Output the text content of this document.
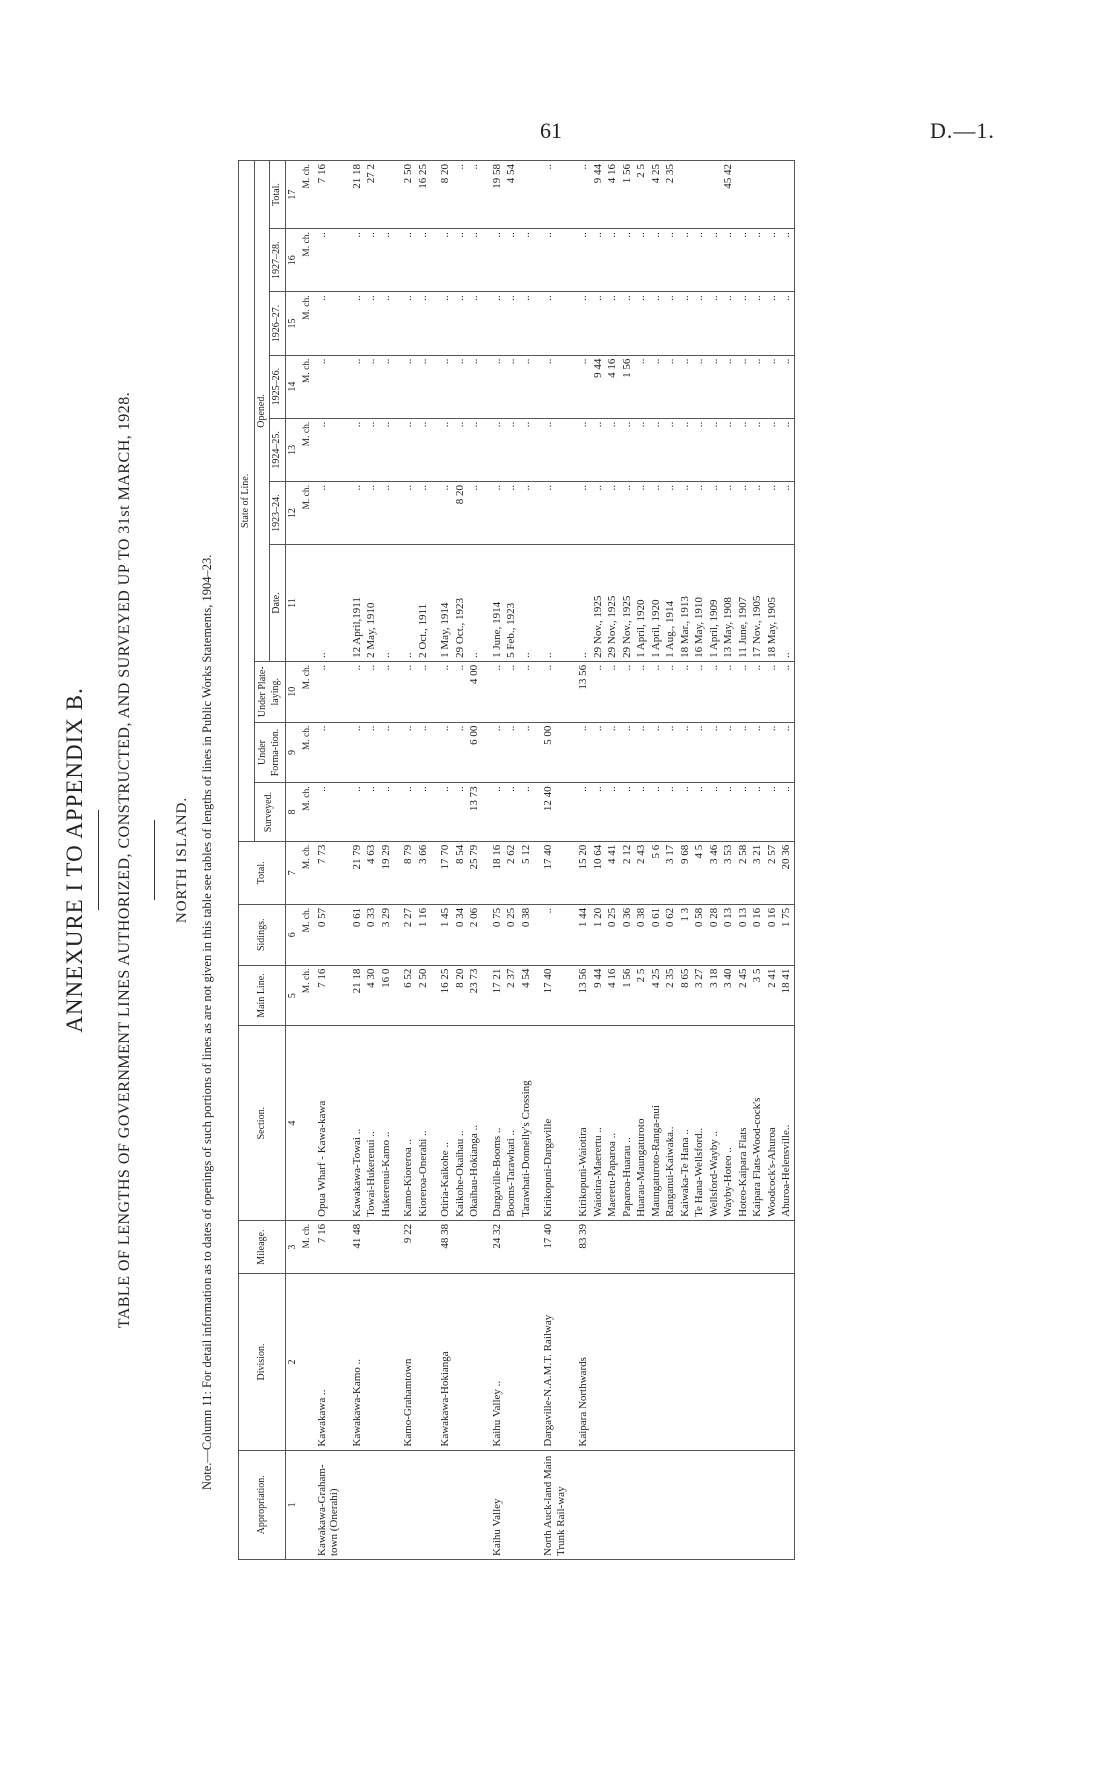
61	D.—1.
ANNEXURE I TO APPENDIX B. TABLE OF LENGTHS OF GOVERNMENT LINES AUTHORIZED, CONSTRUCTED, AND SURVEYED UP TO 31st MARCH, 1928.	NORTH ISLAND. Note.—Column 11: For detail information as to dates of openings of such portions of lines as are not given in this table see tables of lengths of lines in Public Works Statements, 1904–23.
Appropriation.	Division.	Mileage.	Section.	Main Line.	Sidings.	Total.	State of Line.									
							Surveyed.	Under Forma-tion.	Under Plate-laying.	Opened.						
										Date.	1923–24.	1924–25.	1925–26.	1926–27.	1927–28.	Total.
1	2	3	4	5	6	7	8	9	10	11	12	13	14	15	16	17
		M. ch.		M. ch.	M. ch.	M. ch.	M. ch.	M. ch.	M. ch.		M. ch.	M. ch.	M. ch.	M. ch.	M. ch.	M. ch.
Kawakawa-Graham-town (Onerahi)	Kawakawa ..	7 16	Opua Wharf - Kawa-kawa	7 16	0 57	7 73	..	..	..	..	..	..	..	..	..	7 16
	Kawakawa-Kamo ..	41 48	Kawakawa-Towai ..	21 18	0 61	21 79	..	..	..	12 April,1911	..	..	..	..	..	21 18
			Towai-Hukerenui ..	4 30	0 33	4 63	..	..	..	2 May, 1910	..	..	..	..	..	27 2
			Hukerenui-Kamo ..	16 0	3 29	19 29	..	..	..	..	..	..	..	..	..	
	Kamo-Grahamtown	9 22	Kamo-Kioreroa ..	6 52	2 27	8 79	..	..	..	..	..	..	..	..	..	2 50
			Kioreroa-Onerahi ..	2 50	1 16	3 66	..	..	..	2 Oct., 1911	..	..	..	..	..	16 25
	Kawakawa-Hokianga	48 38	Otiria-Kaikohe ..	16 25	1 45	17 70	..	..	..	1 May, 1914	..	..	..	..	..	8 20
			Kaikohe-Okaihau ..	8 20	0 34	8 54	..	..	..	29 Oct., 1923	8 20	..	..	..	..	..
			Okaihau-Hokianga ..	23 73	2 06	25 79	13 73	6 00	4 00	..	..	..	..	..	..	..
Kaihu Valley	Kaihu Valley ..	24 32	Dargaville-Booms ..	17 21	0 75	18 16	..	..	..	1 June, 1914	..	..	..	..	..	19 58
			Booms-Tarawhati ..	2 37	0 25	2 62	..	..	..	5 Feb., 1923	..	..	..	..	..	4 54
			Tarawhati-Donnelly's Crossing	4 54	0 38	5 12	..	..	..	..	..	..	..	..	..	
North Auck-land Main Trunk Rail-way	Dargaville-N.A.M.T. Railway	17 40	Kirikopuni-Dargaville	17 40	..	17 40	12 40	5 00	..	..	..	..	..	..	..	..
	Kaipara Northwards	83 39	Kirikopuni-Waiotira	13 56	1 44	15 20	..	..	13 56	..	..	..	..	..	..	..
			Waiotira-Maerertu ..	9 44	1 20	10 64	..	..	..	29 Nov., 1925	..	..	9 44	..	..	9 44
			Maeretu-Paparoa ..	4 16	0 25	4 41	..	..	..	29 Nov., 1925	..	..	4 16	..	..	4 16
			Paparoa-Huarau ..	1 56	0 36	2 12	..	..	..	29 Nov., 1925	..	..	1 56	..	..	1 56
			Huarau-Maungaturoto	2 5	0 38	2 43	..	..	..	1 April, 1920	..	..	..	..	..	2 5
			Maungaturoto-Ranga-nui	4 25	0 61	5 6	..	..	..	1 April, 1920	..	..	..	..	..	4 25
			Ranganui-Kaiwaka..	2 35	0 62	3 17	..	..	..	1 Aug., 1914	..	..	..	..	..	2 35
			Kaiwaka-Te Hana ..	8 65	1 3	9 68	..	..	..	18 Mar., 1913	..	..	..	..	..	
			Te Hana-Wellsford..	3 27	0 58	4 5	..	..	..	16 May, 1910	..	..	..	..	..	
			Wellsford-Wayby ..	3 18	0 28	3 46	..	..	..	1 April, 1909	..	..	..	..	..	
			Wayby-Hoteo ..	3 40	0 13	3 53	..	..	..	13 May, 1908	..	..	..	..	..	45 42
			Hoteo-Kaipara Flats	2 45	0 13	2 58	..	..	..	11 June, 1907	..	..	..	..	..	
			Kaipara Flats-Wood-cock's	3 5	0 16	3 21	..	..	..	17 Nov., 1905	..	..	..	..	..	
			Woodcock's-Ahuroa	2 41	0 16	2 57	..	..	..	18 May, 1905	..	..	..	..	..	
			Ahuroa-Helensville..	18 41	1 75	20 36	..	..	..	..	..	..	..	..	..	
